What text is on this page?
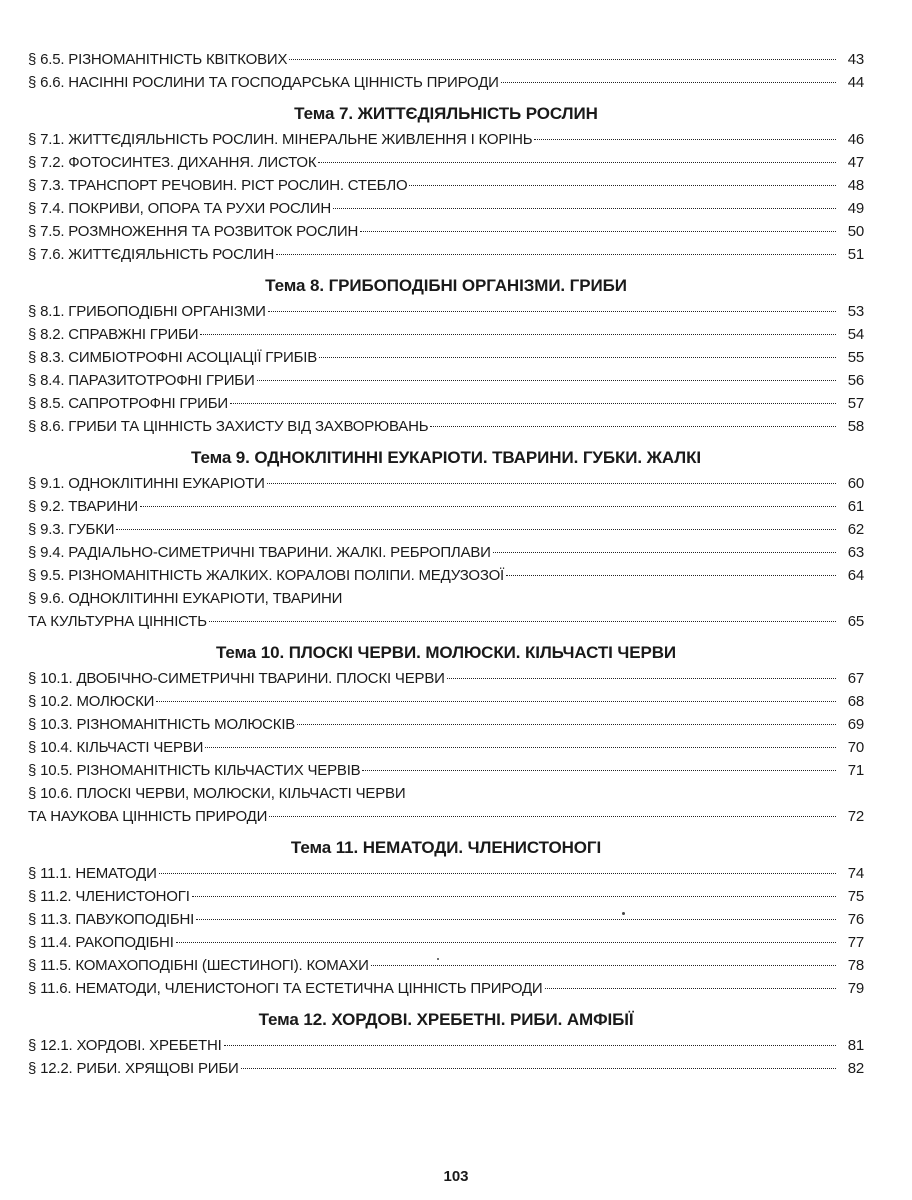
§ 6.5. РІЗНОМАНІТНІСТЬ КВІТКОВИХ	43
§ 6.6. НАСІННІ РОСЛИНИ ТА ГОСПОДАРСЬКА ЦІННІСТЬ ПРИРОДИ	44
Тема 7. ЖИТТЄДІЯЛЬНІСТЬ РОСЛИН
§ 7.1. ЖИТТЄДІЯЛЬНІСТЬ РОСЛИН. МІНЕРАЛЬНЕ ЖИВЛЕННЯ І КОРІНЬ	46
§ 7.2. ФОТОСИНТЕЗ. ДИХАННЯ. ЛИСТОК	47
§ 7.3. ТРАНСПОРТ РЕЧОВИН. РІСТ РОСЛИН. СТЕБЛО	48
§ 7.4. ПОКРИВИ, ОПОРА ТА РУХИ РОСЛИН	49
§ 7.5. РОЗМНОЖЕННЯ ТА РОЗВИТОК РОСЛИН	50
§ 7.6. ЖИТТЄДІЯЛЬНІСТЬ РОСЛИН	51
Тема 8. ГРИБОПОДІБНІ ОРГАНІЗМИ. ГРИБИ
§ 8.1. ГРИБОПОДІБНІ ОРГАНІЗМИ	53
§ 8.2. СПРАВЖНІ ГРИБИ	54
§ 8.3. СИМБІОТРОФНІ АСОЦІАЦІЇ ГРИБІВ	55
§ 8.4. ПАРАЗИТОТРОФНІ ГРИБИ	56
§ 8.5. САПРОТРОФНІ ГРИБИ	57
§ 8.6. ГРИБИ ТА ЦІННІСТЬ ЗАХИСТУ ВІД ЗАХВОРЮВАНЬ	58
Тема 9. ОДНОКЛІТИННІ ЕУКАРІОТИ. ТВАРИНИ. ГУБКИ. ЖАЛКІ
§ 9.1. ОДНОКЛІТИННІ ЕУКАРІОТИ	60
§ 9.2. ТВАРИНИ	61
§ 9.3. ГУБКИ	62
§ 9.4. РАДІАЛЬНО-СИМЕТРИЧНІ ТВАРИНИ. ЖАЛКІ. РЕБРОПЛАВИ	63
§ 9.5. РІЗНОМАНІТНІСТЬ ЖАЛКИХ. КОРАЛОВІ ПОЛІПИ. МЕДУЗОЗОЇ	64
§ 9.6. ОДНОКЛІТИННІ ЕУКАРІОТИ, ТВАРИНИ
ТА КУЛЬТУРНА ЦІННІСТЬ	65
Тема 10. ПЛОСКІ ЧЕРВИ. МОЛЮСКИ. КІЛЬЧАСТІ ЧЕРВИ
§ 10.1. ДВОБІЧНО-СИМЕТРИЧНІ ТВАРИНИ. ПЛОСКІ ЧЕРВИ	67
§ 10.2. МОЛЮСКИ	68
§ 10.3. РІЗНОМАНІТНІСТЬ МОЛЮСКІВ	69
§ 10.4. КІЛЬЧАСТІ ЧЕРВИ	70
§ 10.5. РІЗНОМАНІТНІСТЬ КІЛЬЧАСТИХ ЧЕРВІВ	71
§ 10.6. ПЛОСКІ ЧЕРВИ, МОЛЮСКИ, КІЛЬЧАСТІ ЧЕРВИ
ТА НАУКОВА ЦІННІСТЬ ПРИРОДИ	72
Тема 11. НЕМАТОДИ. ЧЛЕНИСТОНОГІ
§ 11.1. НЕМАТОДИ	74
§ 11.2. ЧЛЕНИСТОНОГІ	75
§ 11.3. ПАВУКОПОДІБНІ	76
§ 11.4. РАКОПОДІБНІ	77
§ 11.5. КОМАХОПОДІБНІ (ШЕСТИНОГІ). КОМАХИ	78
§ 11.6. НЕМАТОДИ, ЧЛЕНИСТОНОГІ ТА ЕСТЕТИЧНА ЦІННІСТЬ ПРИРОДИ	79
Тема 12. ХОРДОВІ. ХРЕБЕТНІ. РИБИ. АМФІБІЇ
§ 12.1. ХОРДОВІ. ХРЕБЕТНІ	81
§ 12.2. РИБИ. ХРЯЩОВІ РИБИ	82
103
